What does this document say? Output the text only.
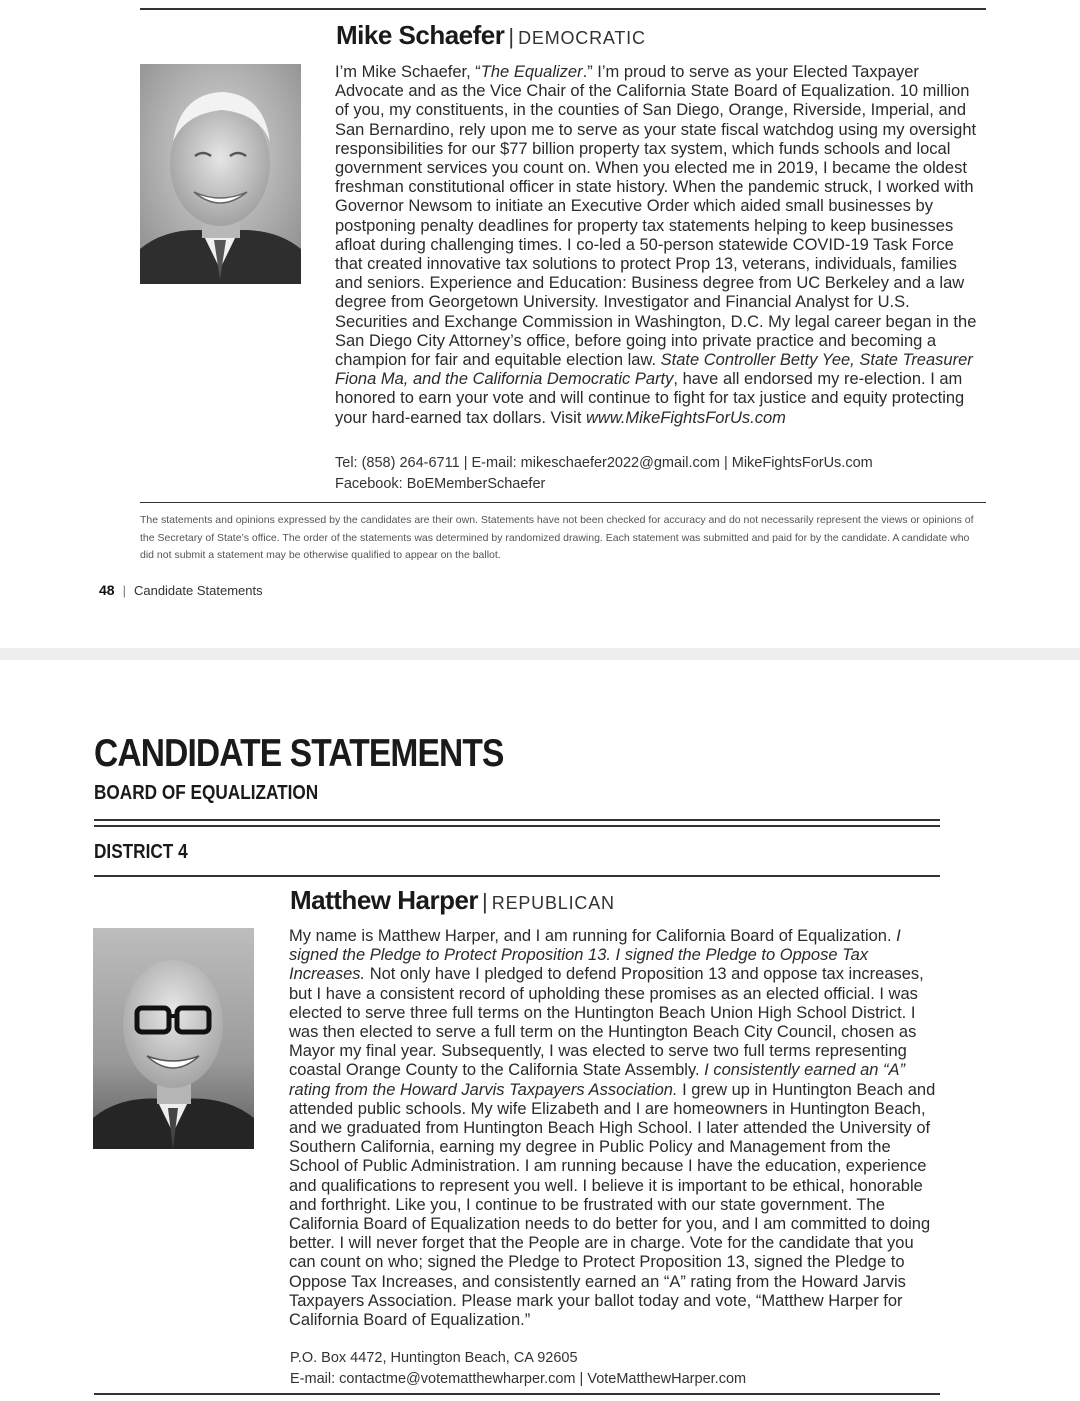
Mike Schaefer | DEMOCRATIC

I’m Mike Schaefer, “The Equalizer.” I’m proud to serve as your Elected Taxpayer Advocate and as the Vice Chair of the California State Board of Equalization. 10 million of you, my constituents, in the counties of San Diego, Orange, Riverside, Imperial, and San Bernardino, rely upon me to serve as your state fiscal watchdog using my oversight responsibilities for our $77 billion property tax system, which funds schools and local government services you count on. When you elected me in 2019, I became the oldest freshman constitutional officer in state history. When the pandemic struck, I worked with Governor Newsom to initiate an Executive Order which aided small businesses by postponing penalty deadlines for property tax statements helping to keep businesses afloat during challenging times. I co-led a 50-person statewide COVID-19 Task Force that created innovative tax solutions to protect Prop 13, veterans, individuals, families and seniors. Experience and Education: Business degree from UC Berkeley and a law degree from Georgetown University. Investigator and Financial Analyst for U.S. Securities and Exchange Commission in Washington, D.C. My legal career began in the San Diego City Attorney’s office, before going into private practice and becoming a champion for fair and equitable election law. State Controller Betty Yee, State Treasurer Fiona Ma, and the California Democratic Party, have all endorsed my re-election. I am honored to earn your vote and will continue to fight for tax justice and equity protecting your hard-earned tax dollars. Visit www.MikeFightsForUs.com

Tel: (858) 264-6711 | E-mail: mikeschaefer2022@gmail.com | MikeFightsForUs.com
Facebook: BoEMemberSchaefer
The statements and opinions expressed by the candidates are their own. Statements have not been checked for accuracy and do not necessarily represent the views or opinions of the Secretary of State’s office. The order of the statements was determined by randomized drawing. Each statement was submitted and paid for by the candidate. A candidate who did not submit a statement may be otherwise qualified to appear on the ballot.
48 | Candidate Statements
CANDIDATE STATEMENTS
BOARD OF EQUALIZATION
DISTRICT 4
Matthew Harper | REPUBLICAN

My name is Matthew Harper, and I am running for California Board of Equalization. I signed the Pledge to Protect Proposition 13. I signed the Pledge to Oppose Tax Increases. Not only have I pledged to defend Proposition 13 and oppose tax increases, but I have a consistent record of upholding these promises as an elected official. I was elected to serve three full terms on the Huntington Beach Union High School District. I was then elected to serve a full term on the Huntington Beach City Council, chosen as Mayor my final year. Subsequently, I was elected to serve two full terms representing coastal Orange County to the California State Assembly. I consistently earned an “A” rating from the Howard Jarvis Taxpayers Association. I grew up in Huntington Beach and attended public schools. My wife Elizabeth and I are homeowners in Huntington Beach, and we graduated from Huntington Beach High School. I later attended the University of Southern California, earning my degree in Public Policy and Management from the School of Public Administration. I am running because I have the education, experience and qualifications to represent you well. I believe it is important to be ethical, honorable and forthright. Like you, I continue to be frustrated with our state government. The California Board of Equalization needs to do better for you, and I am committed to doing better. I will never forget that the People are in charge. Vote for the candidate that you can count on who; signed the Pledge to Protect Proposition 13, signed the Pledge to Oppose Tax Increases, and consistently earned an “A” rating from the Howard Jarvis Taxpayers Association. Please mark your ballot today and vote, “Matthew Harper for California Board of Equalization.”

P.O. Box 4472, Huntington Beach, CA 92605
E-mail: contactme@votematthewharper.com | VoteMatthewHarper.com
